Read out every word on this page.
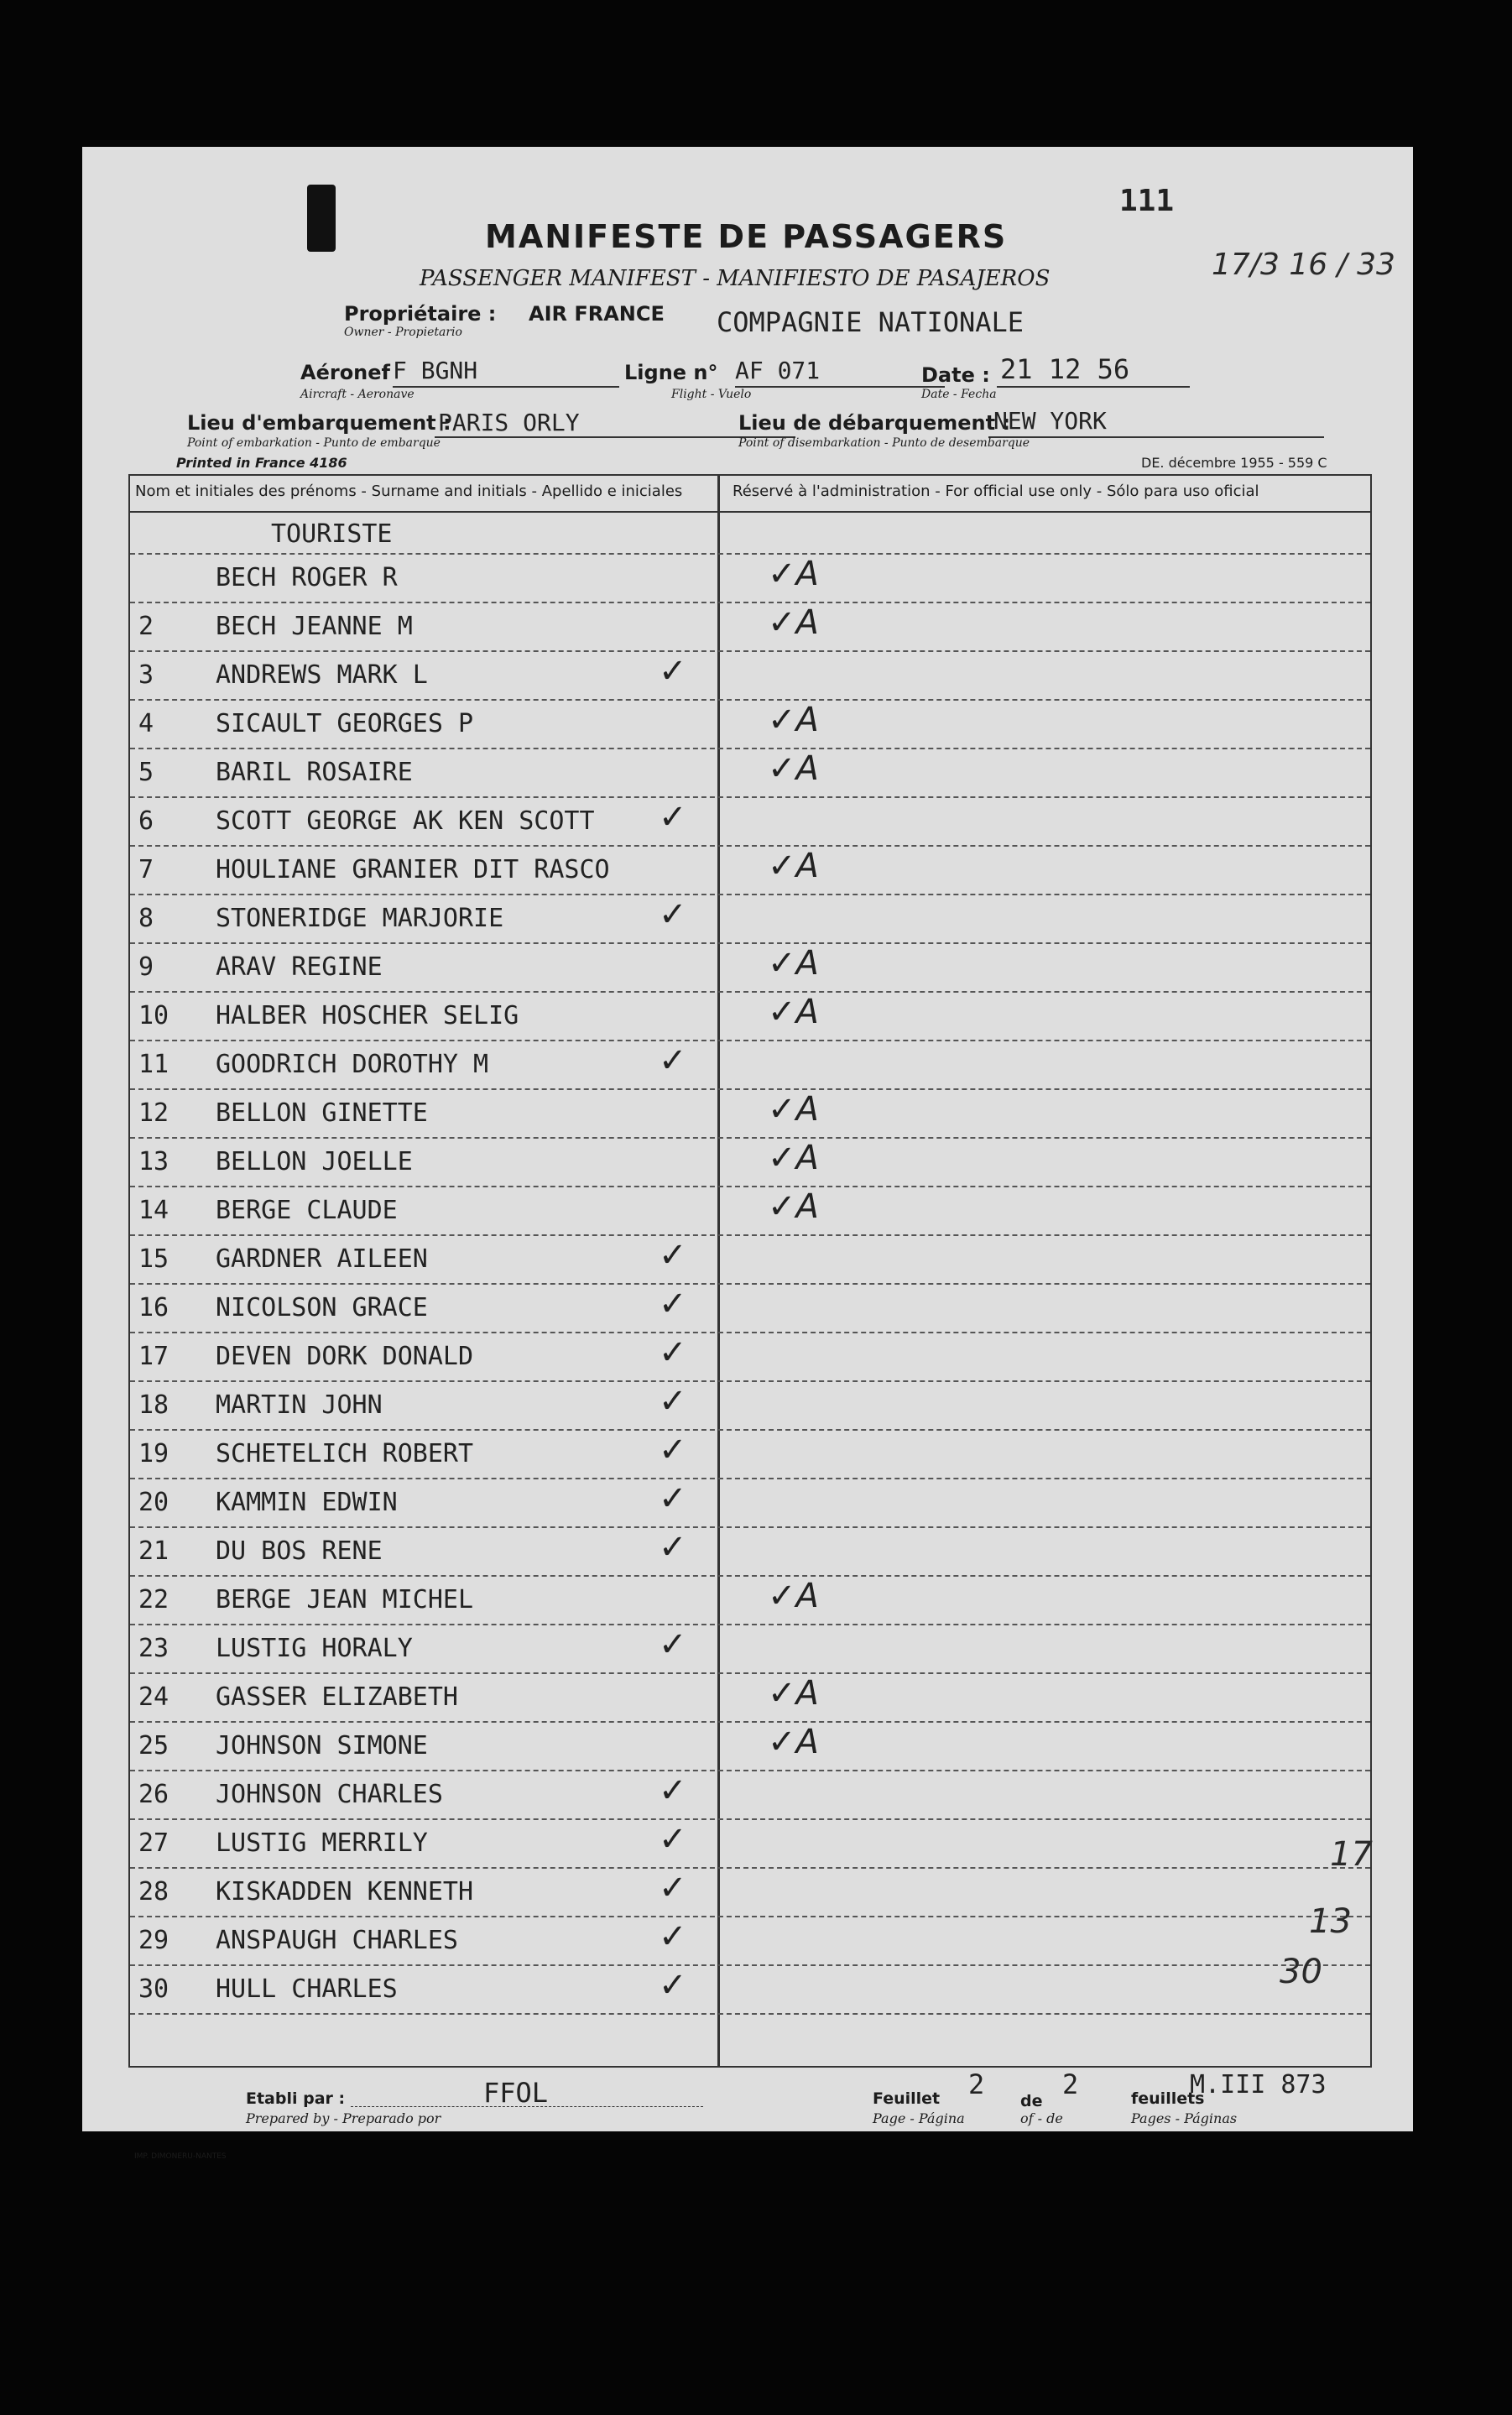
111
17/3 16 / 33
MANIFESTE DE PASSAGERS
PASSENGER MANIFEST - MANIFIESTO DE PASAJEROS
Propriétaire : AIR FRANCE
Owner - Propietario	COMPAGNIE NATIONALE
Aéronef F BGNH
Aircraft - Aeronave
Ligne n° AF 071
Flight - Vuelo
Date : 21 12 56
Date - Fecha
Lieu d'embarquement :
PARIS ORLY
Point of embarkation - Punto de embarque
Lieu de débarquement :
NEW YORK
Point of disembarkation - Punto de desembarque
Printed in France 4186	DE. décembre 1955 - 559 C
Nom et initiales des prénoms - Surname and initials - Apellido e iniciales	Réservé à l'administration - For official use only - Sólo para uso oficial
TOURISTE
BECH ROGER R	✓A
2 BECH JEANNE M	✓A
3 ANDREWS MARK L	✓
4 SICAULT GEORGES P	✓A
5 BARIL ROSAIRE	✓A
6 SCOTT GEORGE AK KEN SCOTT ✓
7 HOULIANE GRANIER DIT RASCO	✓A
8 STONERIDGE MARJORIE	✓
9 ARAV REGINE	✓A
10 HALBER HOSCHER SELIG	✓A
11 GOODRICH DOROTHY M	✓
12 BELLON GINETTE	✓A
13 BELLON JOELLE	✓A
14 BERGE CLAUDE	✓A
15 GARDNER AILEEN	✓
16 NICOLSON GRACE	✓
17 DEVEN DORK DONALD	✓
18 MARTIN JOHN	✓
19 SCHETELICH ROBERT	✓
20 KAMMIN EDWIN	✓
21 DU BOS RENE	✓
22 BERGE JEAN MICHEL	✓A
23 LUSTIG HORALY	✓
24 GASSER ELIZABETH	✓A
25 JOHNSON SIMONE	✓A
26 JOHNSON CHARLES	✓
27 LUSTIG MERRILY	✓
28 KISKADDEN KENNETH	✓
29 ANSPAUGH CHARLES	✓
30 HULL CHARLES	✓
17
13
30
Etabli par :
Prepared by - Preparado por
FFOL	Feuillet
Page - Página
2
de
of - de
2	feuillets
Pages - Páginas
M.III 873
IMP. DIMONERU-NANTES
